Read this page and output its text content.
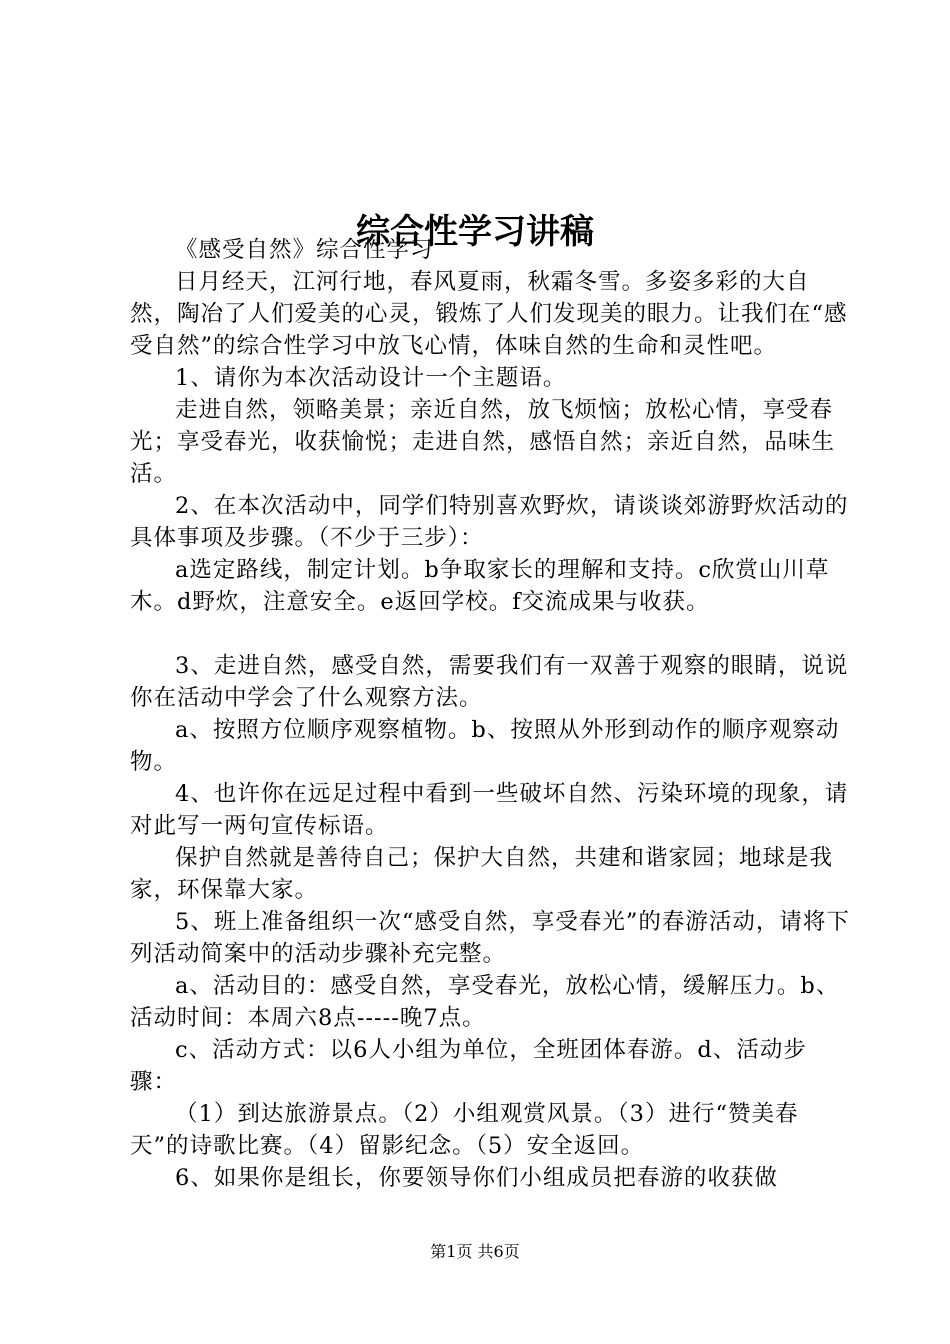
综合性学习讲稿

《感受自然》综合性学习

日月经天，江河行地，春风夏雨，秋霜冬雪。多姿多彩的大自然，陶冶了人们爱美的心灵，锻炼了人们发现美的眼力。让我们在“感受自然”的综合性学习中放飞心情，体味自然的生命和灵性吧。

1、请你为本次活动设计一个主题语。

走进自然，领略美景；亲近自然，放飞烦恼；放松心情，享受春光；享受春光，收获愉悦；走进自然，感悟自然；亲近自然，品味生活。

2、在本次活动中，同学们特别喜欢野炊，请谈谈郊游野炊活动的具体事项及步骤。（不少于三步）：

a选定路线，制定计划。b争取家长的理解和支持。c欣赏山川草木。d野炊，注意安全。e返回学校。f交流成果与收获。

3、走进自然，感受自然，需要我们有一双善于观察的眼睛，说说你在活动中学会了什么观察方法。

a、按照方位顺序观察植物。b、按照从外形到动作的顺序观察动物。

4、也许你在远足过程中看到一些破坏自然、污染环境的现象，请对此写一两句宣传标语。

保护自然就是善待自己；保护大自然，共建和谐家园；地球是我家，环保靠大家。

5、班上准备组织一次“感受自然，享受春光”的春游活动，请将下列活动简案中的活动步骤补充完整。

a、活动目的：感受自然，享受春光，放松心情，缓解压力。b、活动时间：本周六8点-----晚7点。

c、活动方式：以6人小组为单位，全班团体春游。d、活动步骤：

（1）到达旅游景点。（2）小组观赏风景。（3）进行“赞美春天”的诗歌比赛。（4）留影纪念。（5）安全返回。

6、如果你是组长，你要领导你们小组成员把春游的收获做

第1页 共6页
